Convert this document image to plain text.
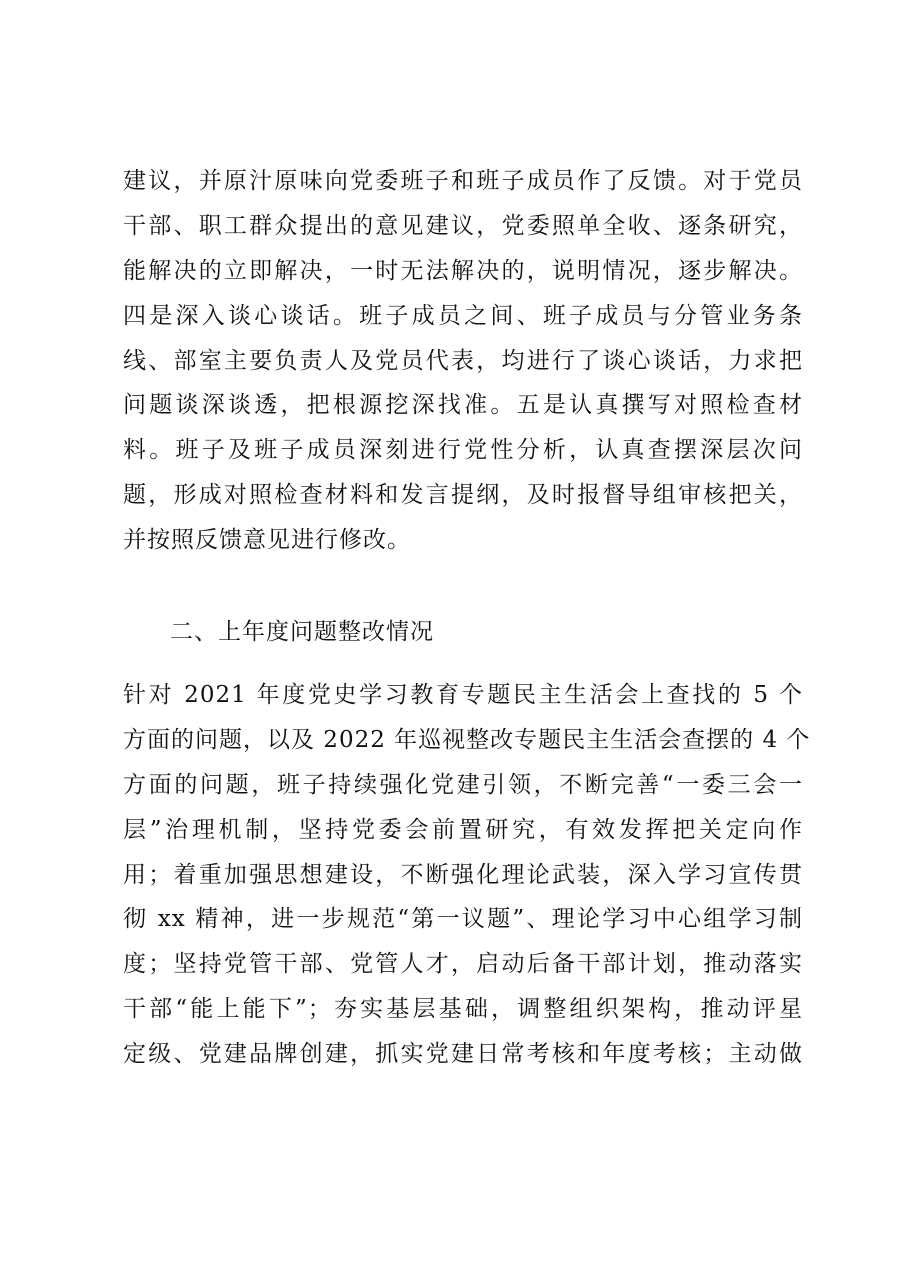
建议，并原汁原味向党委班子和班子成员作了反馈。对于党员
干部、职工群众提出的意见建议，党委照单全收、逐条研究，
能解决的立即解决，一时无法解决的，说明情况，逐步解决。
四是深入谈心谈话。班子成员之间、班子成员与分管业务条
线、部室主要负责人及党员代表，均进行了谈心谈话，力求把
问题谈深谈透，把根源挖深找准。五是认真撰写对照检查材
料。班子及班子成员深刻进行党性分析，认真查摆深层次问
题，形成对照检查材料和发言提纲，及时报督导组审核把关，
并按照反馈意见进行修改。
二、上年度问题整改情况
针对 2021 年度党史学习教育专题民主生活会上查找的 5 个
方面的问题，以及 2022 年巡视整改专题民主生活会查摆的 4 个
方面的问题，班子持续强化党建引领，不断完善“一委三会一
层”治理机制，坚持党委会前置研究，有效发挥把关定向作
用；着重加强思想建设，不断强化理论武装，深入学习宣传贯
彻 xx 精神，进一步规范“第一议题”、理论学习中心组学习制
度；坚持党管干部、党管人才，启动后备干部计划，推动落实
干部“能上能下”；夯实基层基础，调整组织架构，推动评星
定级、党建品牌创建，抓实党建日常考核和年度考核；主动做
